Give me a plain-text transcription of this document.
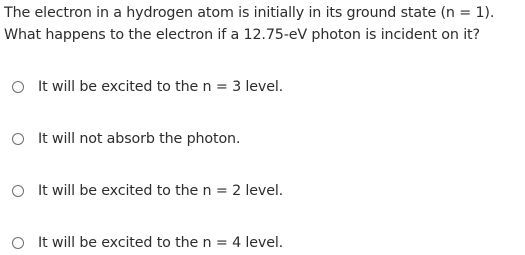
The electron in a hydrogen atom is initially in its ground state (n = 1).
What happens to the electron if a 12.75-eV photon is incident on it?
It will be excited to the n = 3 level.
It will not absorb the photon.
It will be excited to the n = 2 level.
It will be excited to the n = 4 level.
